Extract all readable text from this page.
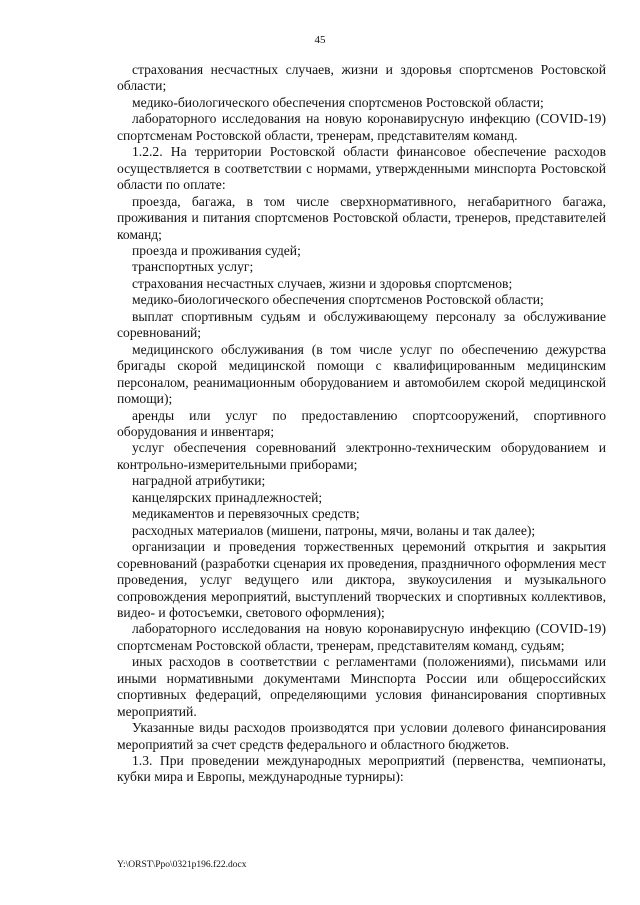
45

страхования несчастных случаев, жизни и здоровья спортсменов Ростовской области;

медико-биологического обеспечения спортсменов Ростовской области;

лабораторного исследования на новую коронавирусную инфекцию (COVID-19) спортсменам Ростовской области, тренерам, представителям команд.

1.2.2. На территории Ростовской области финансовое обеспечение расходов осуществляется в соответствии с нормами, утвержденными минспорта Ростовской области по оплате:

проезда, багажа, в том числе сверхнормативного, негабаритного багажа, проживания и питания спортсменов Ростовской области, тренеров, представителей команд;

проезда и проживания судей;

транспортных услуг;

страхования несчастных случаев, жизни и здоровья спортсменов;

медико-биологического обеспечения спортсменов Ростовской области;

выплат спортивным судьям и обслуживающему персоналу за обслуживание соревнований;

медицинского обслуживания (в том числе услуг по обеспечению дежурства бригады скорой медицинской помощи с квалифицированным медицинским персоналом, реанимационным оборудованием и автомобилем скорой медицинской помощи);

аренды или услуг по предоставлению спортсооружений, спортивного оборудования и инвентаря;

услуг обеспечения соревнований электронно-техническим оборудованием и контрольно-измерительными приборами;

наградной атрибутики;

канцелярских принадлежностей;

медикаментов и перевязочных средств;

расходных материалов (мишени, патроны, мячи, воланы и так далее);

организации и проведения торжественных церемоний открытия и закрытия соревнований (разработки сценария их проведения, праздничного оформления мест проведения, услуг ведущего или диктора, звукоусиления и музыкального сопровождения мероприятий, выступлений творческих и спортивных коллективов, видео- и фотосъемки, светового оформления);

лабораторного исследования на новую коронавирусную инфекцию (COVID-19) спортсменам Ростовской области, тренерам, представителям команд, судьям;

иных расходов в соответствии с регламентами (положениями), письмами или иными нормативными документами Минспорта России или общероссийских спортивных федераций, определяющими условия финансирования спортивных мероприятий.

Указанные виды расходов производятся при условии долевого финансирования мероприятий за счет средств федерального и областного бюджетов.

1.3. При проведении международных мероприятий (первенства, чемпионаты, кубки мира и Европы, международные турниры):

Y:\ORST\Ppo\0321p196.f22.docx
